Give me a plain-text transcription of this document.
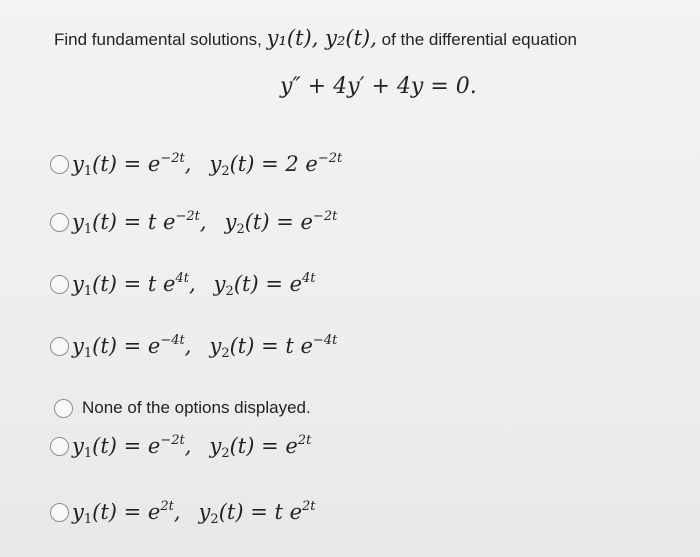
Find fundamental solutions, y₁(t), y₂(t), of the differential equation
y″ + 4y′ + 4y = 0.
$y_1(t) = e^{-2t}$, $y_2(t) = 2$ $e^{-2t}$
$y_1(t) = t$ $e^{-2t}$, $y_2(t) = e^{-2t}$
$y_1(t) = t$ $e^{4t}$, $y_2(t) = e^{4t}$
$y_1(t) = e^{-4t}$, $y_2(t) = t$ $e^{-4t}$
None of the options displayed.
$y_1(t) = e^{-2t}$, $y_2(t) = e^{2t}$
$y_1(t) = e^{2t}$, $y_2(t) = t$ $e^{2t}$
